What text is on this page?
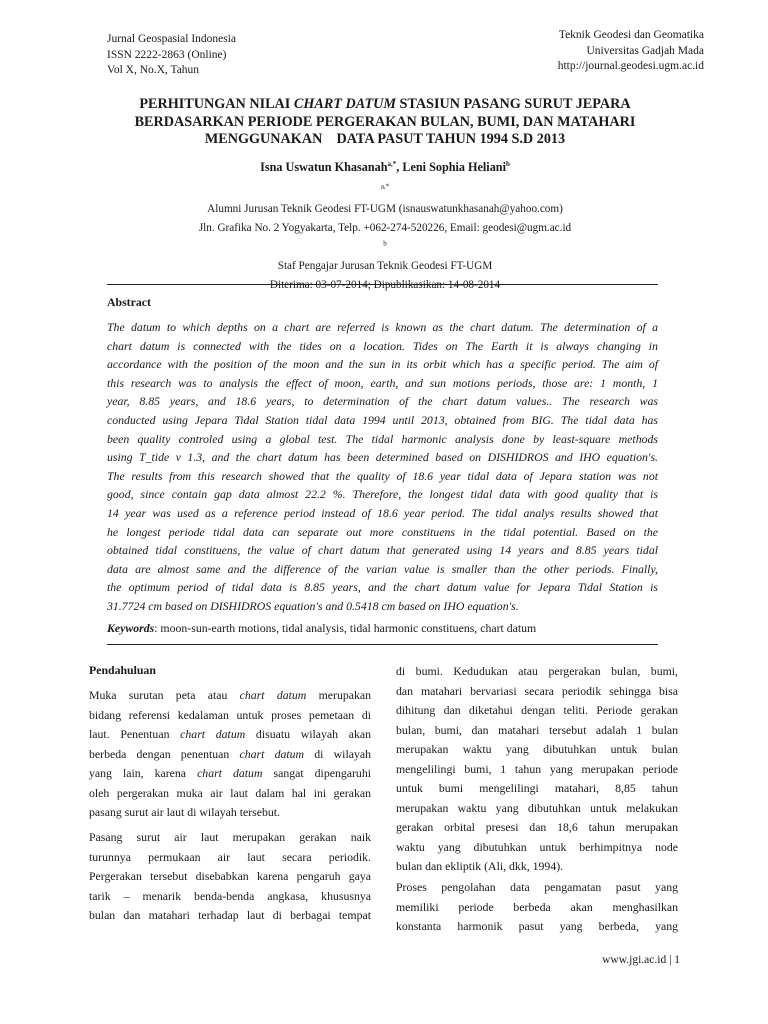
Jurnal Geospasial Indonesia
ISSN 2222-2863 (Online)
Vol X, No.X, Tahun
Teknik Geodesi dan Geomatika
Universitas Gadjah Mada
http://journal.geodesi.ugm.ac.id
PERHITUNGAN NILAI CHART DATUM STASIUN PASANG SURUT JEPARA
BERDASARKAN PERIODE PERGERAKAN BULAN, BUMI, DAN MATAHARI
MENGGUNAKAN    DATA PASUT TAHUN 1994 S.D 2013
Isna Uswatun Khasanah$^{a,*}$, Leni Sophia Heliani$^b$
$^{a,*}$
Alumni Jurusan Teknik Geodesi FT-UGM (isnauswatunkhasanah@yahoo.com)
Jln. Grafika No. 2 Yogyakarta, Telp. +062-274-520226, Email: geodesi@ugm.ac.id
$^b$
Staf Pengajar Jurusan Teknik Geodesi FT-UGM
Diterima: 03-07-2014; Dipublikasikan: 14-08-2014
Abstract
The datum to which depths on a chart are referred is known as the chart datum. The determination of a
chart datum is connected with the tides on a location. Tides on The Earth it is always changing in
accordance with the position of the moon and the sun in its orbit which has a specific period. The aim of
this research was to analysis the effect of moon, earth, and sun motions periods, those are: 1 month, 1
year, 8.85 years, and 18.6 years, to determination of the chart datum values.. The research was
conducted using Jepara Tidal Station tidal data 1994 until 2013, obtained from BIG. The tidal data has
been quality controled using a global test. The tidal harmonic analysis done by least-square methods
using T_tide v 1.3, and the chart datum has been determined based on DISHIDROS and IHO equation's.
The results from this research showed that the quality of 18.6 year tidal data of Jepara station was not
good, since contain gap data almost 22.2 %. Therefore, the longest tidal data with good quality that is
14 year was used as a reference period instead of 18.6 year period. The tidal analys results showed that
he longest periode tidal data can separate out more constituens in the tidal potential. Based on the
obtained tidal constituens, the value of chart datum that generated using 14 years and 8.85 years tidal
data are almost same and the difference of the varian value is smaller than the other periods. Finally,
the optimum period of tidal data is 8.85 years, and the chart datum value for Jepara Tidal Station is
31.7724 cm based on DISHIDROS equation's and 0.5418 cm based on IHO equation's.
Keywords: moon-sun-earth motions, tidal analysis, tidal harmonic constituens, chart datum
Pendahuluan
Muka surutan peta atau chart datum merupakan
bidang referensi kedalaman untuk proses pemetaan di
laut. Penentuan chart datum disuatu wilayah akan
berbeda dengan penentuan chart datum di wilayah
yang lain, karena chart datum sangat dipengaruhi
oleh pergerakan muka air laut dalam hal ini gerakan
pasang surut air laut di wilayah tersebut.
Pasang surut air laut merupakan gerakan naik
turunnya permukaan air laut secara periodik.
Pergerakan tersebut disebabkan karena pengaruh gaya
tarik – menarik benda-benda angkasa, khususnya
bulan dan matahari terhadap laut di berbagai tempat
di bumi. Kedudukan atau pergerakan bulan, bumi,
dan matahari bervariasi secara periodik sehingga bisa
dihitung dan diketahui dengan teliti. Periode gerakan
bulan, bumi, dan matahari tersebut adalah 1 bulan
merupakan waktu yang dibutuhkan untuk bulan
mengelilingi bumi, 1 tahun yang merupakan periode
untuk bumi mengelilingi matahari, 8,85 tahun
merupakan waktu yang dibutuhkan untuk melakukan
gerakan orbital presesi dan 18,6 tahun merupakan
waktu yang dibutuhkan untuk berhimpitnya node
bulan dan ekliptik (Ali, dkk, 1994).
Proses pengolahan data pengamatan pasut yang
memiliki periode berbeda akan menghasilkan
konstanta harmonik pasut yang berbeda, yang
www.jgi.ac.id | 1
